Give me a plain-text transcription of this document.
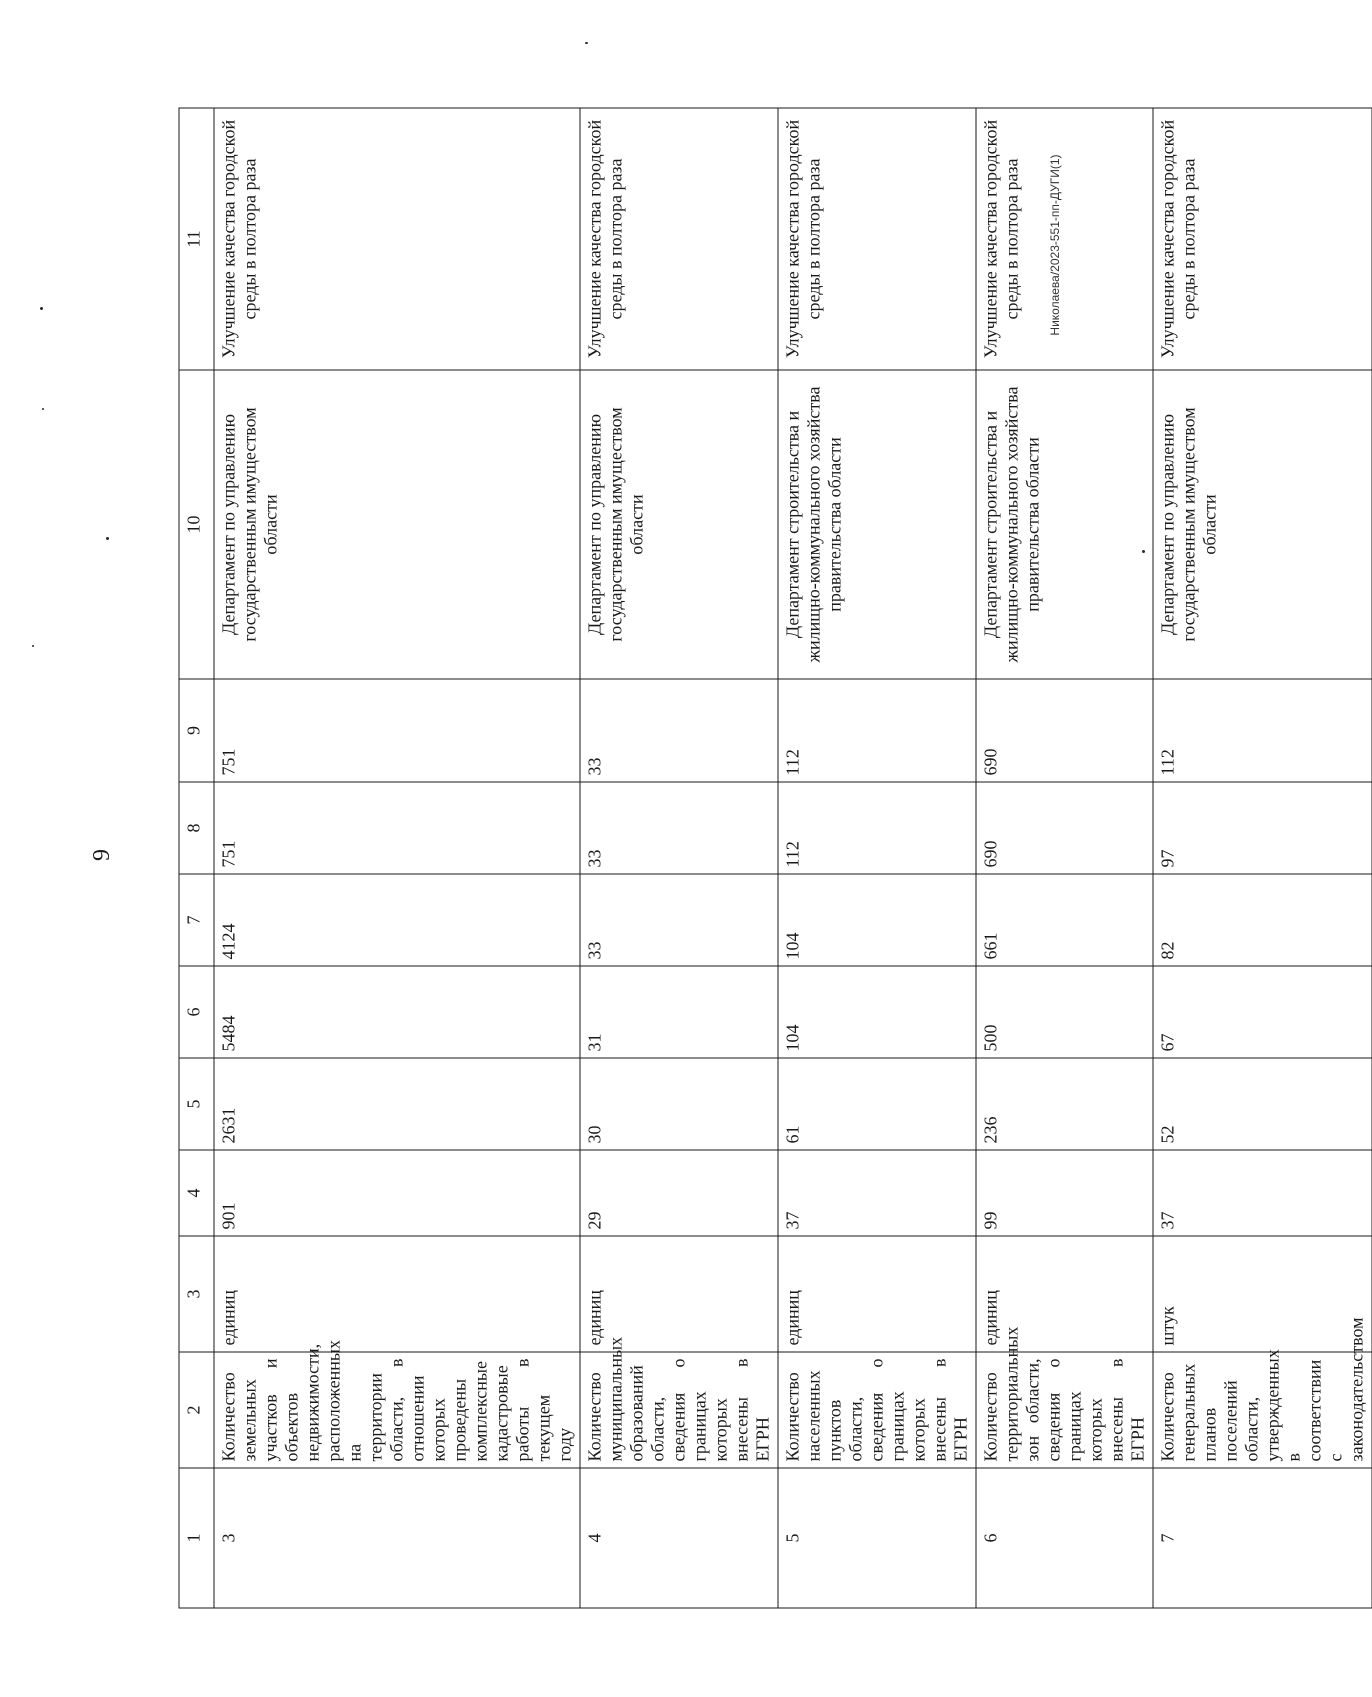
9
Николаева/2023-551-пп-ДУГИ(1)
1	2	3	4	5	6	7	8	9	10	11
3	Количество земельных участков и объектов недвижимости, расположенных на территории области, в отношении которых проведены комплексные кадастровые работы в текущем году	единиц	901	2631	5484	4124	751	751	Департамент по управлению государственным имуществом области	Улучшение качества городской среды в полтора раза
4	Количество муниципальных образований области, сведения о границах которых внесены в ЕГРН	единиц	29	30	31	33	33	33	Департамент по управлению государственным имуществом области	Улучшение качества городской среды в полтора раза
5	Количество населенных пунктов области, сведения о границах которых внесены в ЕГРН	единиц	37	61	104	104	112	112	Департамент строительства и жилищно-коммунального хозяйства правительства области	Улучшение качества городской среды в полтора раза
6	Количество территориальных зон области, сведения о границах которых внесены в ЕГРН	единиц	99	236	500	661	690	690	Департамент строительства и жилищно-коммунального хозяйства правительства области	Улучшение качества городской среды в полтора раза
7	Количество генеральных планов поселений области, утвержденных в соответствии с законодательством	штук	37	52	67	82	97	112	Департамент по управлению государственным имуществом области	Улучшение качества городской среды в полтора раза
